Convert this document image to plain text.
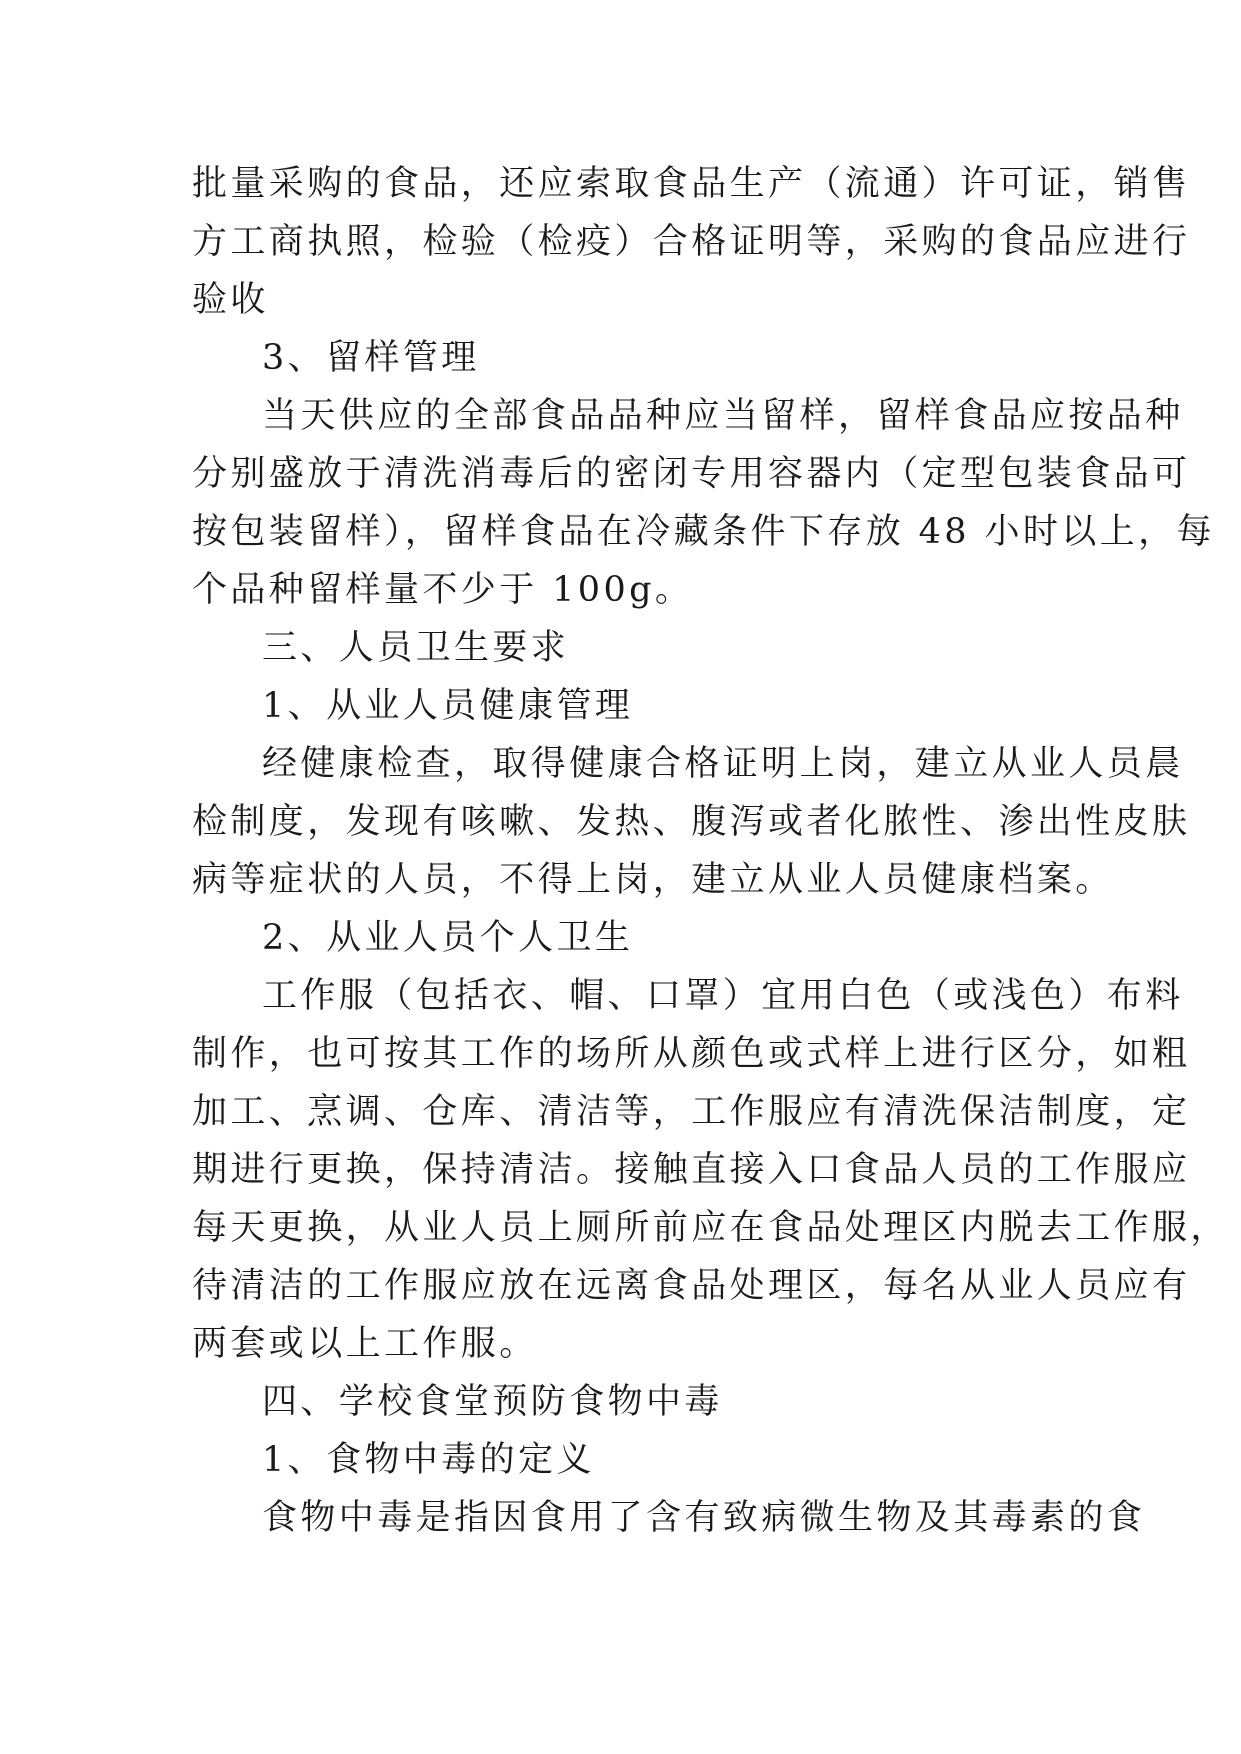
批量采购的食品，还应索取食品生产（流通）许可证，销售
方工商执照，检验（检疫）合格证明等，采购的食品应进行
验收
3、留样管理
当天供应的全部食品品种应当留样，留样食品应按品种
分别盛放于清洗消毒后的密闭专用容器内（定型包装食品可
按包装留样），留样食品在冷藏条件下存放 48 小时以上，每
个品种留样量不少于 100g。
三、人员卫生要求
1、从业人员健康管理
经健康检查，取得健康合格证明上岗，建立从业人员晨
检制度，发现有咳嗽、发热、腹泻或者化脓性、渗出性皮肤
病等症状的人员，不得上岗，建立从业人员健康档案。
2、从业人员个人卫生
工作服（包括衣、帽、口罩）宜用白色（或浅色）布料
制作，也可按其工作的场所从颜色或式样上进行区分，如粗
加工、烹调、仓库、清洁等，工作服应有清洗保洁制度，定
期进行更换，保持清洁。接触直接入口食品人员的工作服应
每天更换，从业人员上厕所前应在食品处理区内脱去工作服，
待清洁的工作服应放在远离食品处理区，每名从业人员应有
两套或以上工作服。
四、学校食堂预防食物中毒
1、食物中毒的定义
食物中毒是指因食用了含有致病微生物及其毒素的食
